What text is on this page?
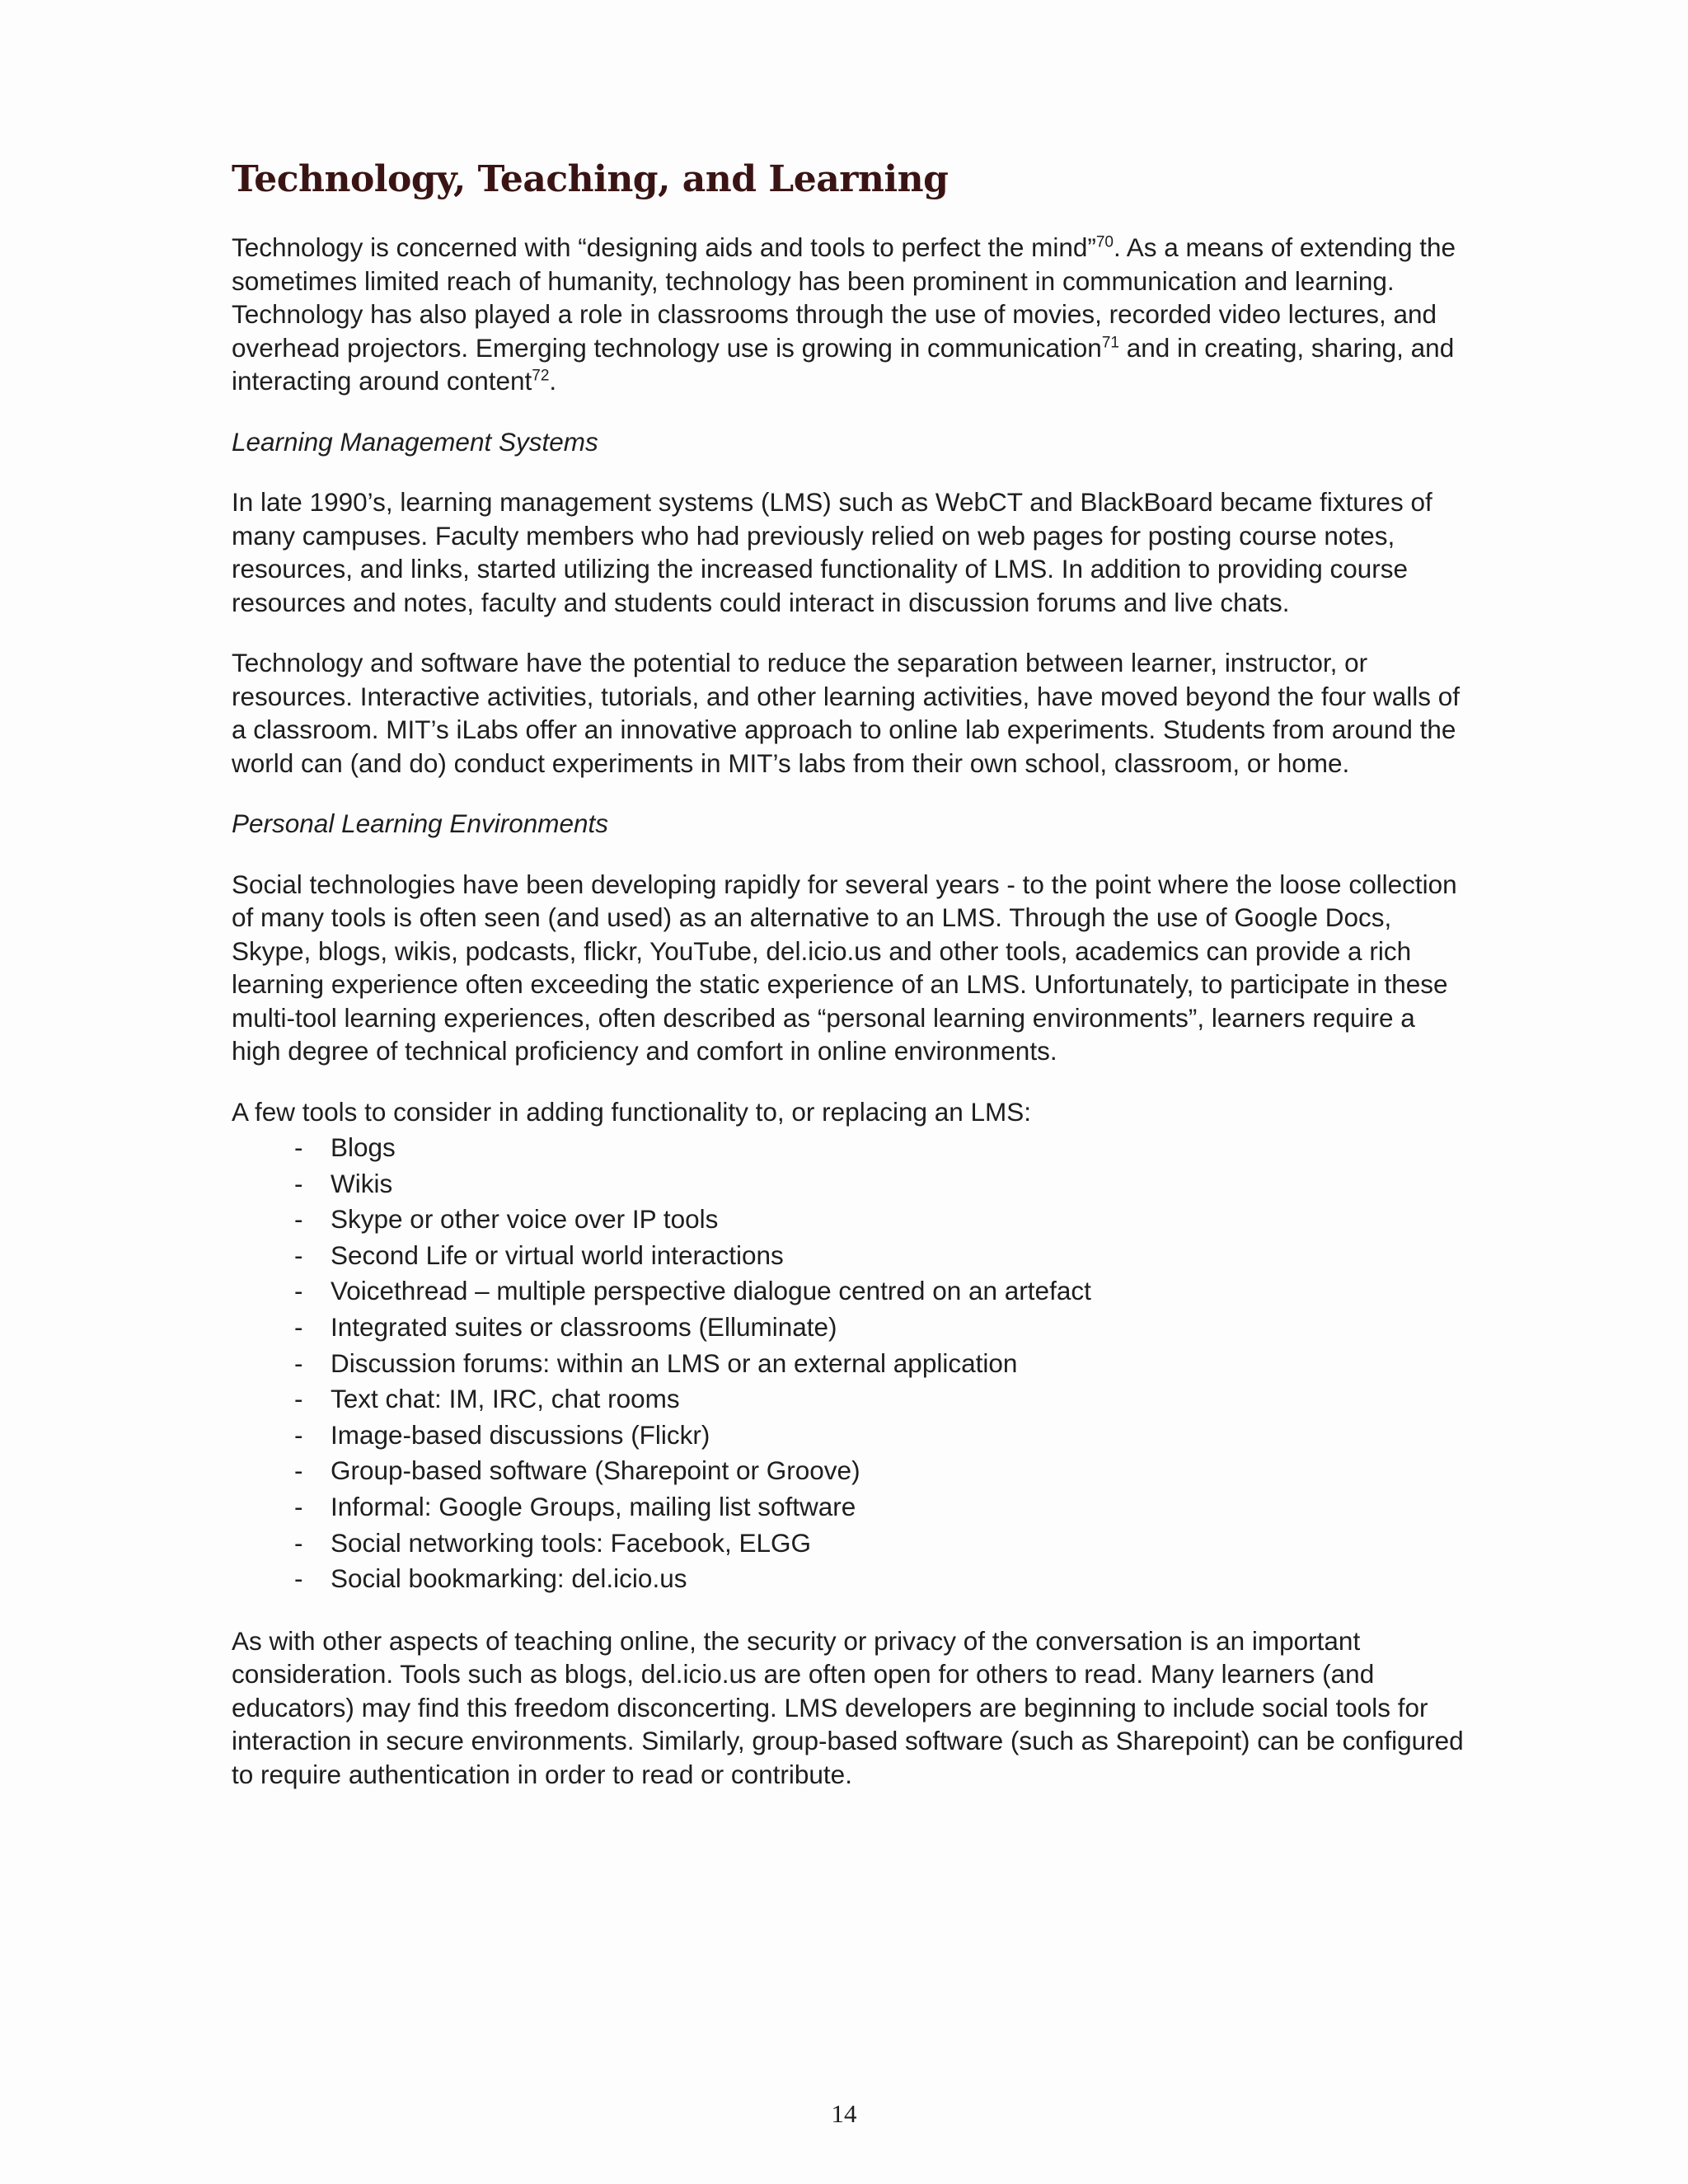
Technology, Teaching, and Learning

Technology is concerned with “designing aids and tools to perfect the mind”$^{70}$. As a means of extending the sometimes limited reach of humanity, technology has been prominent in communication and learning. Technology has also played a role in classrooms through the use of movies, recorded video lectures, and overhead projectors. Emerging technology use is growing in communication$^{71}$ and in creating, sharing, and interacting around content$^{72}$.

Learning Management Systems

In late 1990’s, learning management systems (LMS) such as WebCT and BlackBoard became fixtures of many campuses. Faculty members who had previously relied on web pages for posting course notes, resources, and links, started utilizing the increased functionality of LMS. In addition to providing course resources and notes, faculty and students could interact in discussion forums and live chats.

Technology and software have the potential to reduce the separation between learner, instructor, or resources. Interactive activities, tutorials, and other learning activities, have moved beyond the four walls of a classroom. MIT’s iLabs offer an innovative approach to online lab experiments. Students from around the world can (and do) conduct experiments in MIT’s labs from their own school, classroom, or home.

Personal Learning Environments

Social technologies have been developing rapidly for several years - to the point where the loose collection of many tools is often seen (and used) as an alternative to an LMS. Through the use of Google Docs, Skype, blogs, wikis, podcasts, flickr, YouTube, del.icio.us and other tools, academics can provide a rich learning experience often exceeding the static experience of an LMS. Unfortunately, to participate in these multi-tool learning experiences, often described as “personal learning environments”, learners require a high degree of technical proficiency and comfort in online environments.

A few tools to consider in adding functionality to, or replacing an LMS:

- Blogs
- Wikis
- Skype or other voice over IP tools
- Second Life or virtual world interactions
- Voicethread – multiple perspective dialogue centred on an artefact
- Integrated suites or classrooms (Elluminate)
- Discussion forums: within an LMS or an external application
- Text chat: IM, IRC, chat rooms
- Image-based discussions (Flickr)
- Group-based software (Sharepoint or Groove)
- Informal: Google Groups, mailing list software
- Social networking tools: Facebook, ELGG
- Social bookmarking: del.icio.us

As with other aspects of teaching online, the security or privacy of the conversation is an important consideration. Tools such as blogs, del.icio.us are often open for others to read. Many learners (and educators) may find this freedom disconcerting. LMS developers are beginning to include social tools for interaction in secure environments. Similarly, group-based software (such as Sharepoint) can be configured to require authentication in order to read or contribute.

14
